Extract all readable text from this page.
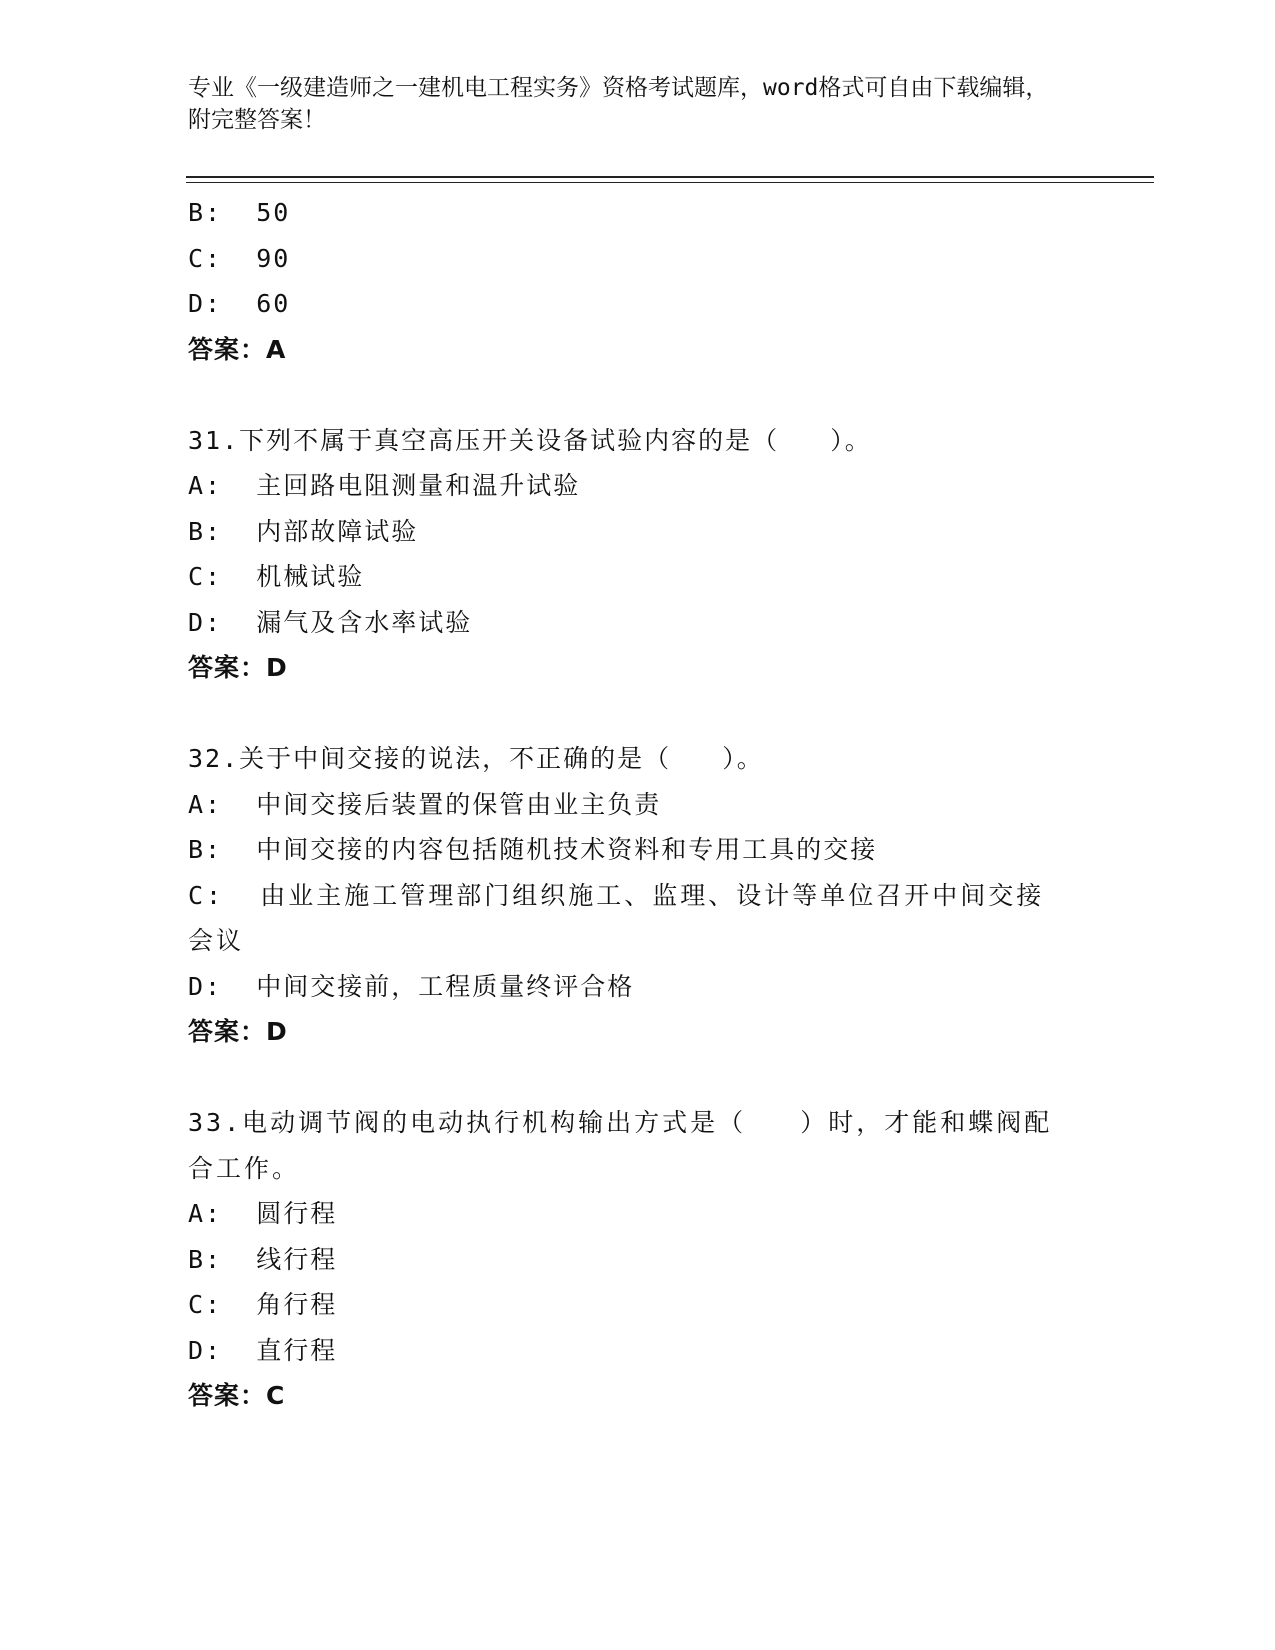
专业《一级建造师之一建机电工程实务》资格考试题库，word格式可自由下载编辑，附完整答案！
B:  50
C:  90
D:  60
答案：A
31.下列不属于真空高压开关设备试验内容的是（   ）。
A:  主回路电阻测量和温升试验
B:  内部故障试验
C:  机械试验
D:  漏气及含水率试验
答案：D
32.关于中间交接的说法，不正确的是（   ）。
A:  中间交接后装置的保管由业主负责
B:  中间交接的内容包括随机技术资料和专用工具的交接
C:  由业主施工管理部门组织施工、监理、设计等单位召开中间交接会议
D:  中间交接前，工程质量终评合格
答案：D
33.电动调节阀的电动执行机构输出方式是（   ）时，才能和蝶阀配合工作。
A:  圆行程
B:  线行程
C:  角行程
D:  直行程
答案：C
